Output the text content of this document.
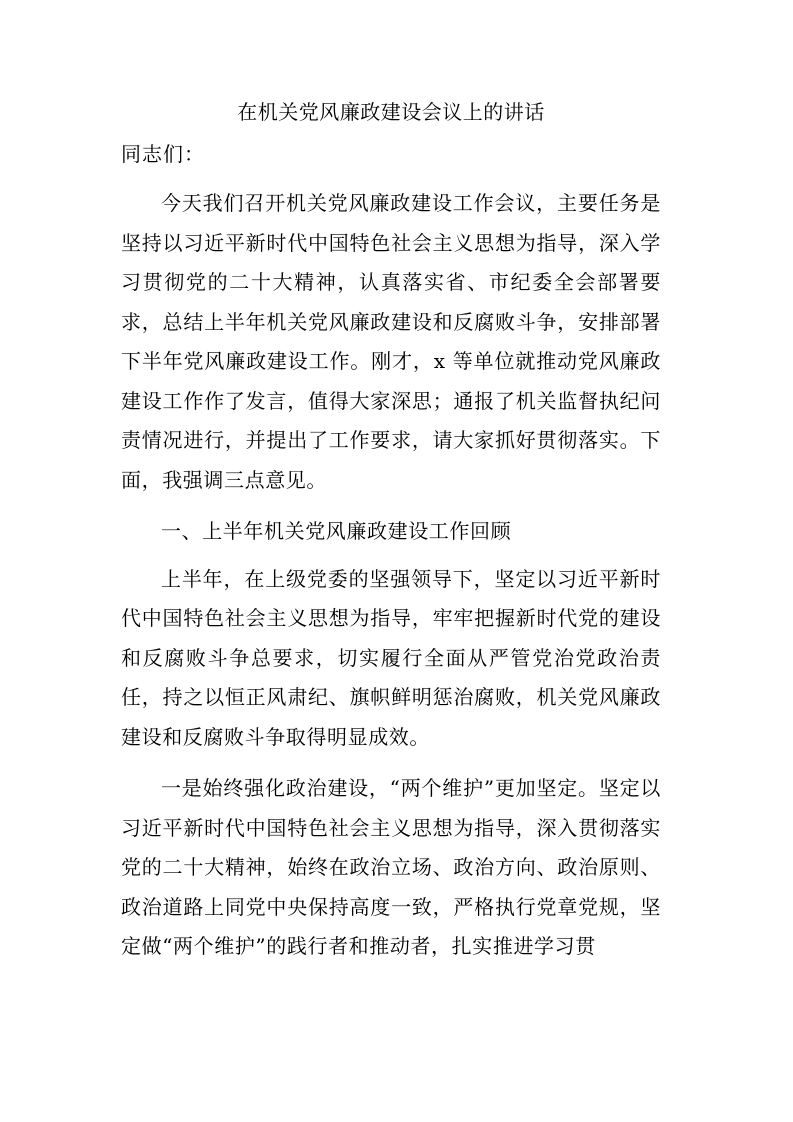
在机关党风廉政建设会议上的讲话

同志们：

今天我们召开机关党风廉政建设工作会议，主要任务是坚持以习近平新时代中国特色社会主义思想为指导，深入学习贯彻党的二十大精神，认真落实省、市纪委全会部署要求，总结上半年机关党风廉政建设和反腐败斗争，安排部署下半年党风廉政建设工作。刚才，x 等单位就推动党风廉政建设工作作了发言，值得大家深思；通报了机关监督执纪问责情况进行，并提出了工作要求，请大家抓好贯彻落实。下面，我强调三点意见。

一、上半年机关党风廉政建设工作回顾

上半年，在上级党委的坚强领导下，坚定以习近平新时代中国特色社会主义思想为指导，牢牢把握新时代党的建设和反腐败斗争总要求，切实履行全面从严管党治党政治责任，持之以恒正风肃纪、旗帜鲜明惩治腐败，机关党风廉政建设和反腐败斗争取得明显成效。

一是始终强化政治建设，“两个维护”更加坚定。坚定以习近平新时代中国特色社会主义思想为指导，深入贯彻落实党的二十大精神，始终在政治立场、政治方向、政治原则、政治道路上同党中央保持高度一致，严格执行党章党规，坚定做“两个维护”的践行者和推动者，扎实推进学习贯
